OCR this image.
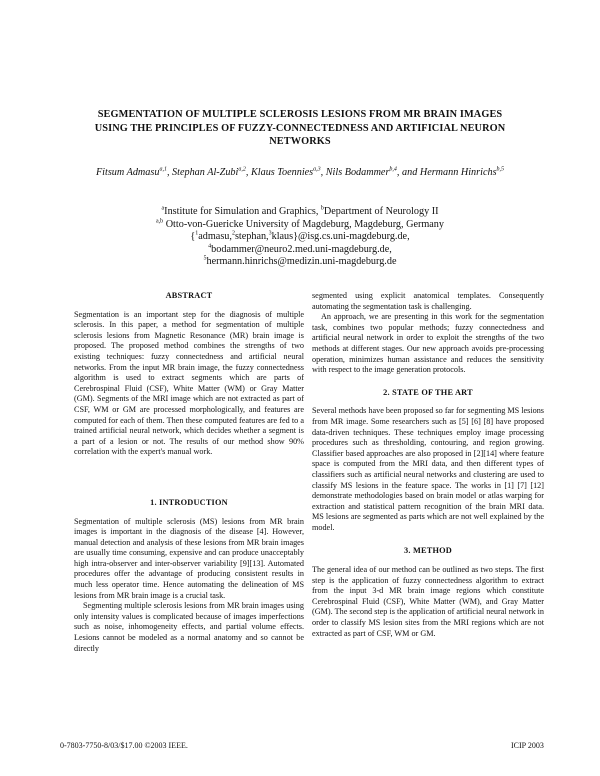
SEGMENTATION OF MULTIPLE SCLEROSIS LESIONS FROM MR BRAIN IMAGES
USING THE PRINCIPLES OF FUZZY-CONNECTEDNESS AND ARTIFICIAL NEURON
NETWORKS
Fitsum Admasu$^{a,1}$, Stephan Al-Zubi$^{a,2}$, Klaus Toennies$^{a,3}$, Nils Bodammer$^{b,4}$, and Hermann Hinrichs$^{b,5}$
$^a$Institute for Simulation and Graphics, $^b$Department of Neurology II
$^{a,b}$ Otto-von-Guericke University of Magdeburg, Magdeburg, Germany
{$^1$admasu,$^2$stephan,$^3$klaus}@isg.cs.uni-magdeburg.de,
$^4$bodammer@neuro2.med.uni-magdeburg.de,
$^5$hermann.hinrichs@medizin.uni-magdeburg.de
ABSTRACT

Segmentation is an important step for the diagnosis of multiple sclerosis. In this paper, a method for segmentation of multiple sclerosis lesions from Magnetic Resonance (MR) brain image is proposed. The proposed method combines the strengths of two existing techniques: fuzzy connectedness and artificial neural networks. From the input MR brain image, the fuzzy connectedness algorithm is used to extract segments which are parts of Cerebrospinal Fluid (CSF), White Matter (WM) or Gray Matter (GM). Segments of the MRI image which are not extracted as part of CSF, WM or GM are processed morphologically, and features are computed for each of them. Then these computed features are fed to a trained artificial neural network, which decides whether a segment is a part of a lesion or not. The results of our method show 90% correlation with the expert's manual work.

1. INTRODUCTION

Segmentation of multiple sclerosis (MS) lesions from MR brain images is important in the diagnosis of the disease [4]. However, manual detection and analysis of these lesions from MR brain images are usually time consuming, expensive and can produce unacceptably high intra-observer and inter-observer variability [9][13]. Automated procedures offer the advantage of producing consistent results in much less operator time. Hence automating the delineation of MS lesions from MR brain image is a crucial task.

Segmenting multiple sclerosis lesions from MR brain images using only intensity values is complicated because of images imperfections such as noise, inhomogeneity effects, and partial volume effects. Lesions cannot be modeled as a normal anatomy and so cannot be directly

segmented using explicit anatomical templates. Consequently automating the segmentation task is challenging.

An approach, we are presenting in this work for the segmentation task, combines two popular methods; fuzzy connectedness and artificial neural network in order to exploit the strengths of the two methods at different stages. Our new approach avoids pre-processing operation, minimizes human assistance and reduces the sensitivity with respect to the image generation protocols.

2. STATE OF THE ART

Several methods have been proposed so far for segmenting MS lesions from MR image. Some researchers such as [5] [6] [8] have proposed data-driven techniques. These techniques employ image processing procedures such as thresholding, contouring, and region growing. Classifier based approaches are also proposed in [2][14] where feature space is computed from the MRI data, and then different types of classifiers such as artificial neural networks and clustering are used to classify MS lesions in the feature space. The works in [1] [7] [12] demonstrate methodologies based on brain model or atlas warping for extraction and statistical pattern recognition of the brain MRI data. MS lesions are segmented as parts which are not well explained by the model.

3. METHOD

The general idea of our method can be outlined as two steps. The first step is the application of fuzzy connectedness algorithm to extract from the input 3-d MR brain image regions which constitute Cerebrospinal Fluid (CSF), White Matter (WM), and Gray Matter (GM). The second step is the application of artificial neural network in order to classify MS lesion sites from the MRI regions which are not extracted as part of CSF, WM or GM.

0-7803-7750-8/03/$17.00 ©2003 IEEE.	ICIP 2003
